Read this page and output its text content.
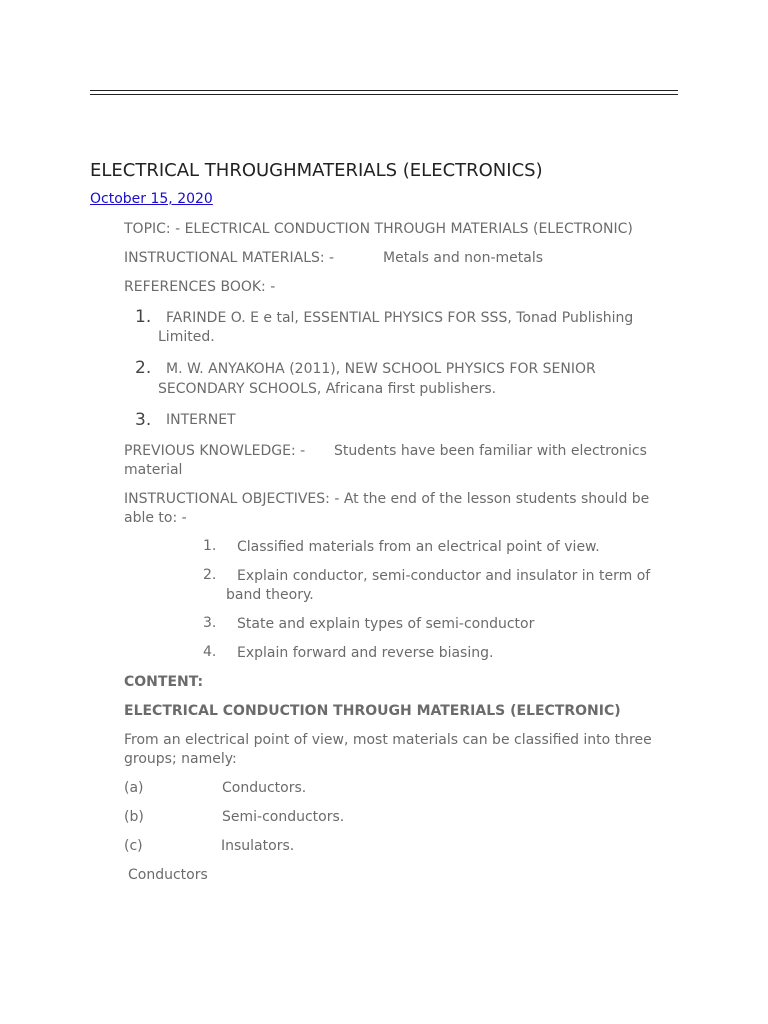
ELECTRICAL THROUGHMATERIALS (ELECTRONICS)
October 15, 2020
TOPIC: - ELECTRICAL CONDUCTION THROUGH MATERIALS (ELECTRONIC)
INSTRUCTIONAL MATERIALS: -	Metals and non-metals
REFERENCES BOOK: -
1. FARINDE O. E e tal, ESSENTIAL PHYSICS FOR SSS, Tonad Publishing
Limited.
2. M. W. ANYAKOHA (2011), NEW SCHOOL PHYSICS FOR SENIOR
SECONDARY SCHOOLS, Africana first publishers.
3. INTERNET
PREVIOUS KNOWLEDGE: - Students have been familiar with electronics
material
INSTRUCTIONAL OBJECTIVES: - At the end of the lesson students should be
able to: -
1. Classified materials from an electrical point of view.
2. Explain conductor, semi-conductor and insulator in term of
band theory.
3. State and explain types of semi-conductor
4. Explain forward and reverse biasing.
CONTENT:
ELECTRICAL CONDUCTION THROUGH MATERIALS (ELECTRONIC)
From an electrical point of view, most materials can be classified into three
groups; namely:
(a)	Conductors.
(b)	Semi-conductors.
(c)	Insulators.
Conductors
